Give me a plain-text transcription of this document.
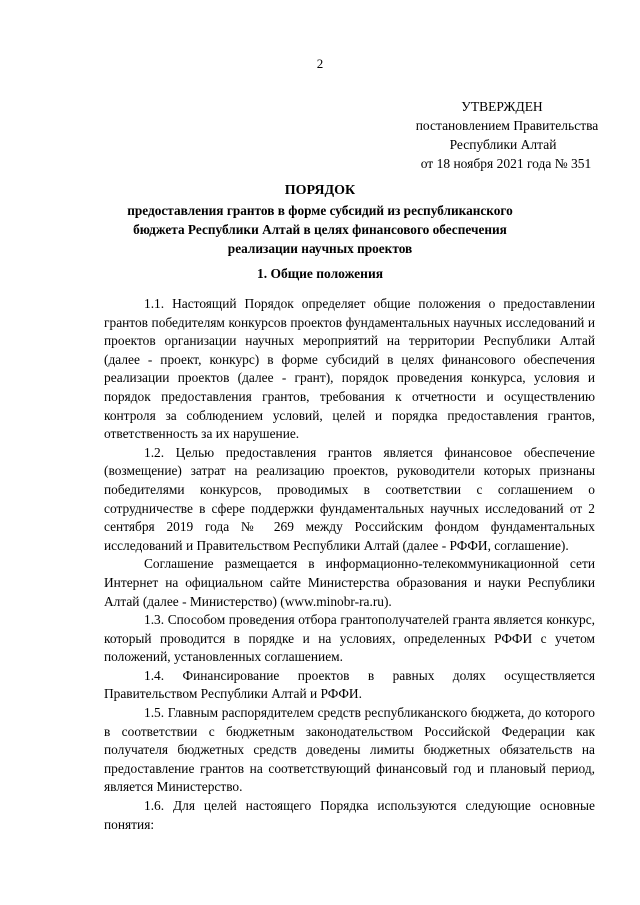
2
УТВЕРЖДЕН
постановлением Правительства
Республики Алтай
от 18 ноября 2021 года № 351
ПОРЯДОК
предоставления грантов в форме субсидий из республиканского
бюджета Республики Алтай в целях финансового обеспечения
реализации научных проектов
1. Общие положения

1.1. Настоящий Порядок определяет общие положения о предоставлении грантов победителям конкурсов проектов фундаментальных научных исследований и проектов организации научных мероприятий на территории Республики Алтай (далее - проект, конкурс) в форме субсидий в целях финансового обеспечения реализации проектов (далее - грант), порядок проведения конкурса, условия и порядок предоставления грантов, требования к отчетности и осуществлению контроля за соблюдением условий, целей и порядка предоставления грантов, ответственность за их нарушение.

1.2. Целью предоставления грантов является финансовое обеспечение (возмещение) затрат на реализацию проектов, руководители которых признаны победителями конкурсов, проводимых в соответствии с соглашением о сотрудничестве в сфере поддержки фундаментальных научных исследований от 2 сентября 2019 года № 269 между Российским фондом фундаментальных исследований и Правительством Республики Алтай (далее - РФФИ, соглашение).

Соглашение размещается в информационно-телекоммуникационной сети Интернет на официальном сайте Министерства образования и науки Республики Алтай (далее - Министерство) (www.minobr-ra.ru).

1.3. Способом проведения отбора грантополучателей гранта является конкурс, который проводится в порядке и на условиях, определенных РФФИ с учетом положений, установленных соглашением.

1.4. Финансирование проектов в равных долях осуществляется Правительством Республики Алтай и РФФИ.

1.5. Главным распорядителем средств республиканского бюджета, до которого в соответствии с бюджетным законодательством Российской Федерации как получателя бюджетных средств доведены лимиты бюджетных обязательств на предоставление грантов на соответствующий финансовый год и плановый период, является Министерство.

1.6. Для целей настоящего Порядка используются следующие основные понятия:
